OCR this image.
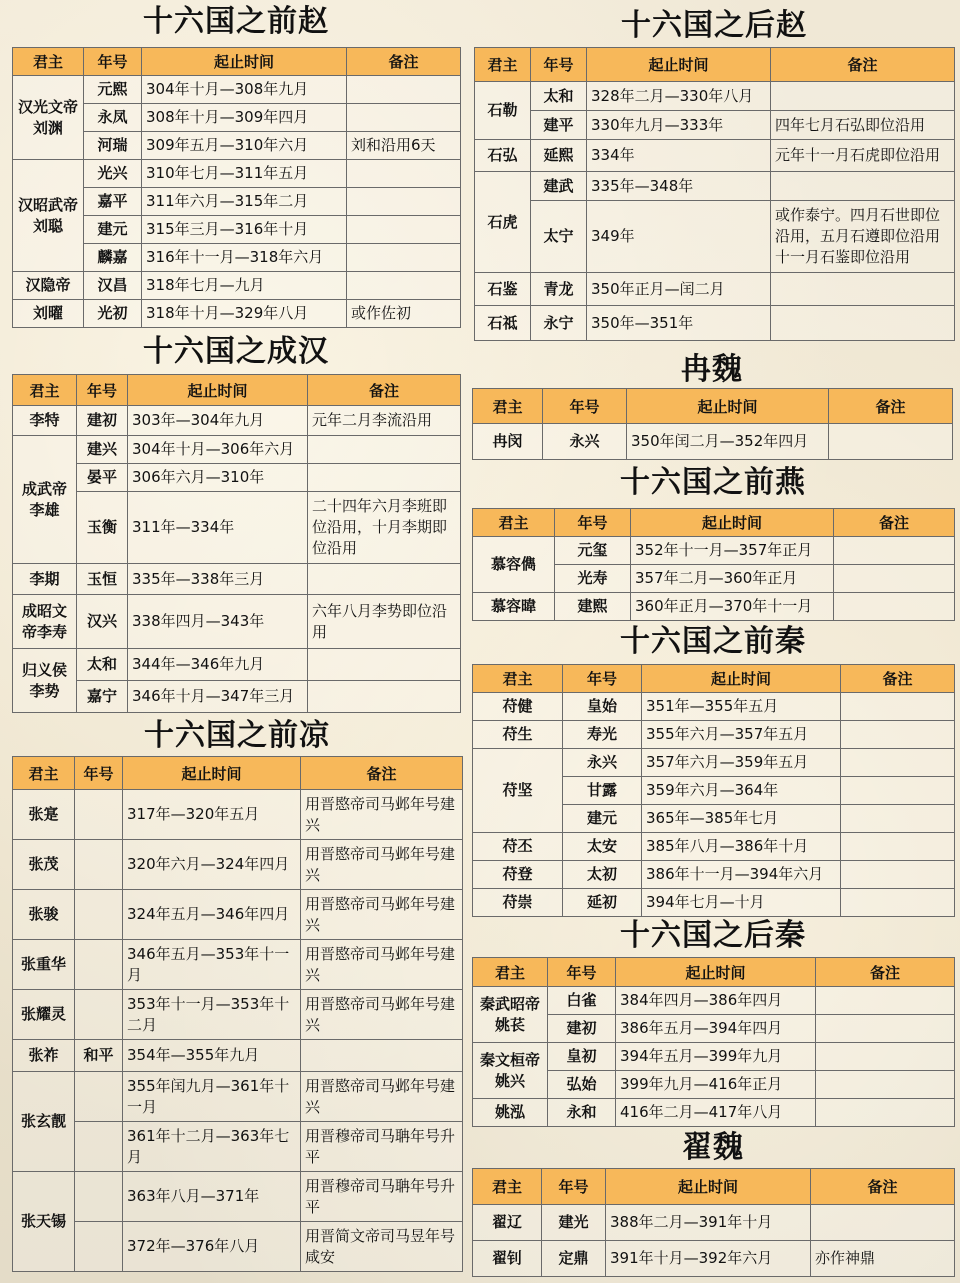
十六国之前赵
君主	年号	起止时间	备注
汉光文帝刘渊	元熙	304年十月—308年九月	
	永凤	308年十月—309年四月	
	河瑞	309年五月—310年六月	刘和沿用6天
汉昭武帝刘聪	光兴	310年七月—311年五月	
	嘉平	311年六月—315年二月	
	建元	315年三月—316年十月	
	麟嘉	316年十一月—318年六月	
汉隐帝	汉昌	318年七月—九月	
刘曜	光初	318年十月—329年八月	或作佐初
十六国之成汉
君主	年号	起止时间	备注
李特	建初	303年—304年九月	元年二月李流沿用
成武帝李雄	建兴	304年十月—306年六月	
	晏平	306年六月—310年	
	玉衡	311年—334年	二十四年六月李班即位沿用，十月李期即位沿用
李期	玉恒	335年—338年三月	
成昭文帝李寿	汉兴	338年四月—343年	六年八月李势即位沿用
归义侯李势	太和	344年—346年九月	
	嘉宁	346年十月—347年三月	
十六国之前凉
君主	年号	起止时间	备注
张寔		317年—320年五月	用晋愍帝司马邺年号建兴
张茂		320年六月—324年四月	用晋愍帝司马邺年号建兴
张骏		324年五月—346年四月	用晋愍帝司马邺年号建兴
张重华		346年五月—353年十一月	用晋愍帝司马邺年号建兴
张耀灵		353年十一月—353年十二月	用晋愍帝司马邺年号建兴
张祚	和平	354年—355年九月	
张玄靓		355年闰九月—361年十一月	用晋愍帝司马邺年号建兴
		361年十二月—363年七月	用晋穆帝司马聃年号升平
张天锡		363年八月—371年	用晋穆帝司马聃年号升平
		372年—376年八月	用晋简文帝司马昱年号咸安
十六国之后赵
君主	年号	起止时间	备注
石勒	太和	328年二月—330年八月	
	建平	330年九月—333年	四年七月石弘即位沿用
石弘	延熙	334年	元年十一月石虎即位沿用
石虎	建武	335年—348年	
	太宁	349年	或作泰宁。四月石世即位沿用，五月石遵即位沿用十一月石鉴即位沿用
石鉴	青龙	350年正月—闰二月	
石祗	永宁	350年—351年	
冉魏
君主	年号	起止时间	备注
冉闵	永兴	350年闰二月—352年四月	
十六国之前燕
君主	年号	起止时间	备注
慕容儁	元玺	352年十一月—357年正月	
	光寿	357年二月—360年正月	
慕容暐	建熙	360年正月—370年十一月	
十六国之前秦
君主	年号	起止时间	备注
苻健	皇始	351年—355年五月	
苻生	寿光	355年六月—357年五月	
苻坚	永兴	357年六月—359年五月	
	甘露	359年六月—364年	
	建元	365年—385年七月	
苻丕	太安	385年八月—386年十月	
苻登	太初	386年十一月—394年六月	
苻崇	延初	394年七月—十月	
十六国之后秦
君主	年号	起止时间	备注
秦武昭帝姚苌	白雀	384年四月—386年四月	
	建初	386年五月—394年四月	
秦文桓帝姚兴	皇初	394年五月—399年九月	
	弘始	399年九月—416年正月	
姚泓	永和	416年二月—417年八月	
翟魏
君主	年号	起止时间	备注
翟辽	建光	388年二月—391年十月	
翟钊	定鼎	391年十月—392年六月	亦作神鼎
